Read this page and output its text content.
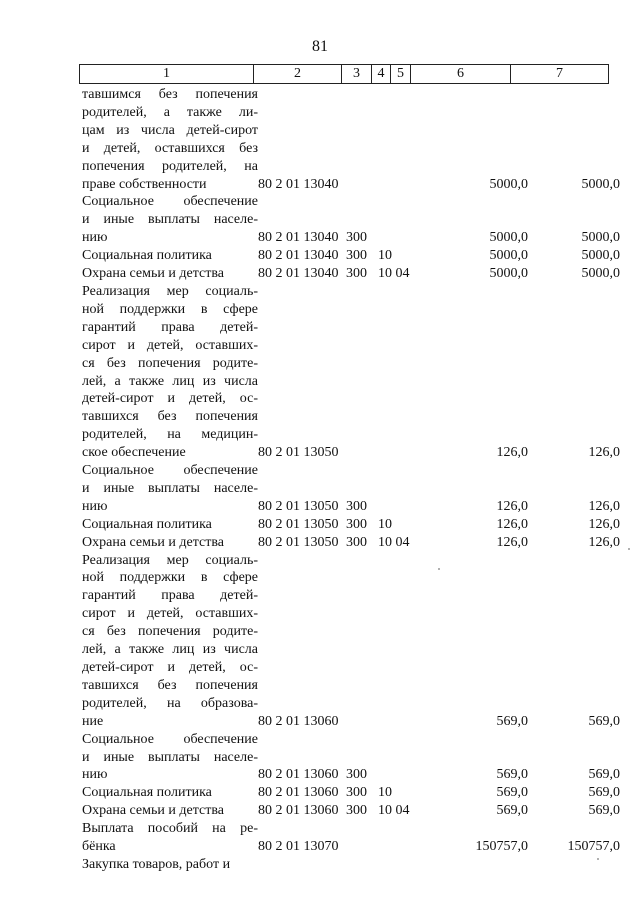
81
1	2	3	4 5	6	7
тавшимся без попечения
родителей, а также ли-
цам из числа детей-сирот
и детей, оставшихся без
попечения родителей, на
праве собственности	80 2 01 13040	5000,0	5000,0
Социальное обеспечение
и иные выплаты населе-
нию	80 2 01 13040 300	5000,0	5000,0
Социальная политика	80 2 01 13040 300 10	5000,0	5000,0
Охрана семьи и детства	80 2 01 13040 300 10 04	5000,0	5000,0
Реализация мер социаль-
ной поддержки в сфере
гарантий права детей-
сирот и детей, оставших-
ся без попечения родите-
лей, а также лиц из числа
детей-сирот и детей, ос-
тавшихся без попечения
родителей, на медицин-
ское обеспечение	80 2 01 13050	126,0	126,0
Социальное обеспечение
и иные выплаты населе-
нию	80 2 01 13050 300	126,0	126,0
Социальная политика	80 2 01 13050 300 10	126,0	126,0
Охрана семьи и детства	80 2 01 13050 300 10 04	126,0	126,0
Реализация мер социаль-
ной поддержки в сфере
гарантий права детей-
сирот и детей, оставших-
ся без попечения родите-
лей, а также лиц из числа
детей-сирот и детей, ос-
тавшихся без попечения
родителей, на образова-
ние	80 2 01 13060	569,0	569,0
Социальное обеспечение
и иные выплаты населе-
нию	80 2 01 13060 300	569,0	569,0
Социальная политика	80 2 01 13060 300 10	569,0	569,0
Охрана семьи и детства	80 2 01 13060 300 10 04	569,0	569,0
Выплата пособий на ре-
бёнка	80 2 01 13070	150757,0	150757,0
Закупка товаров, работ и
